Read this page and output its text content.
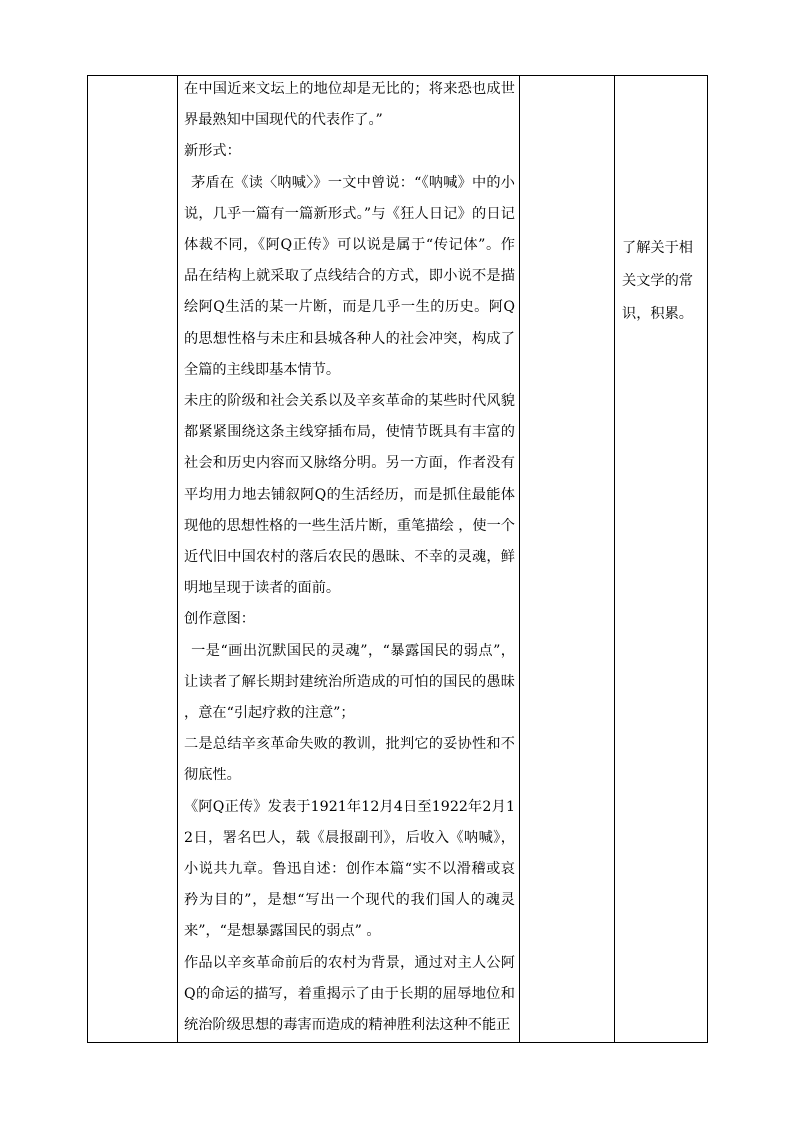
在中国近来文坛上的地位却是无比的；将来恐也成世界最熟知中国现代的代表作了。”

新形式：

茅盾在《读〈呐喊〉》一文中曾说：“《呐喊》中的小说，几乎一篇有一篇新形式。”与《狂人日记》的日记体裁不同，《阿Q正传》可以说是属于“传记体”。作品在结构上就采取了点线结合的方式，即小说不是描绘阿Q生活的某一片断，而是几乎一生的历史。阿Q的思想性格与未庄和县城各种人的社会冲突，构成了全篇的主线即基本情节。

未庄的阶级和社会关系以及辛亥革命的某些时代风貌都紧紧围绕这条主线穿插布局，使情节既具有丰富的社会和历史内容而又脉络分明。另一方面，作者没有平均用力地去铺叙阿Q的生活经历，而是抓住最能体现他的思想性格的一些生活片断，重笔描绘 ，使一个近代旧中国农村的落后农民的愚昧、不幸的灵魂，鲜明地呈现于读者的面前。

创作意图：

一是“画出沉默国民的灵魂”，“暴露国民的弱点”，让读者了解长期封建统治所造成的可怕的国民的愚昧 ，意在“引起疗救的注意”；

二是总结辛亥革命失败的教训，批判它的妥协性和不彻底性。

《阿Q正传》发表于1921年12月4日至1922年2月12日，署名巴人，载《晨报副刊》，后收入《呐喊》，小说共九章。鲁迅自述：创作本篇“实不以滑稽或哀矜为目的”，是想“写出一个现代的我们国人的魂灵来”，“是想暴露国民的弱点” 。

作品以辛亥革命前后的农村为背景，通过对主人公阿Q的命运的描写，着重揭示了由于长期的屈辱地位和统治阶级思想的毒害而造成的精神胜利法这种不能正

了解关于相关文学的常识，积累。
